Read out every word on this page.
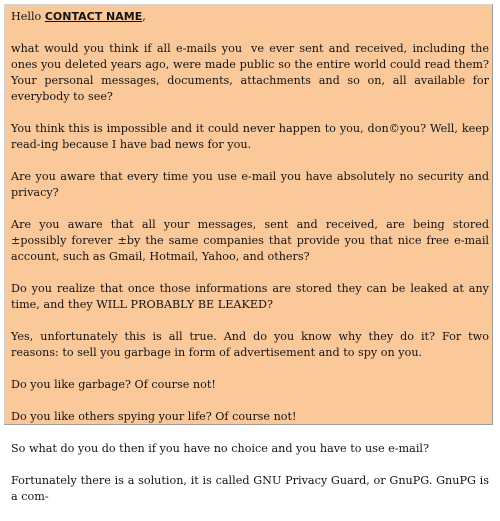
Hello CONTACT NAME,

what would you think if all e-mails youve ever sent and received, including the ones you deleted years ago, were made public so the entire world could read them? Your personal messages, documents, attachments and so on, all available for everybody to see?

You think this is impossible and it could never happen to you, don©you? Well, keep read-ing because I have bad news for you.

Are you aware that every time you use e-mail you have absolutely no security and privacy?

Are you aware that all your messages, sent and received, are being stored ±possibly forever ±by the same companies that provide you that nice free e-mail account, such as Gmail, Hotmail, Yahoo, and others?

Do you realize that once those informations are stored they can be leaked at any time, and they WILL PROBABLY BE LEAKED?

Yes, unfortunately this is all true. And do you know why they do it? For two reasons: to sell you garbage in form of advertisement and to spy on you.

Do you like garbage? Of course not!

Do you like others spying your life? Of course not!

So what do you do then if you have no choice and you have to use e-mail?

Fortunately there is a solution, it is called GNU Privacy Guard, or GnuPG. GnuPG is a com-
